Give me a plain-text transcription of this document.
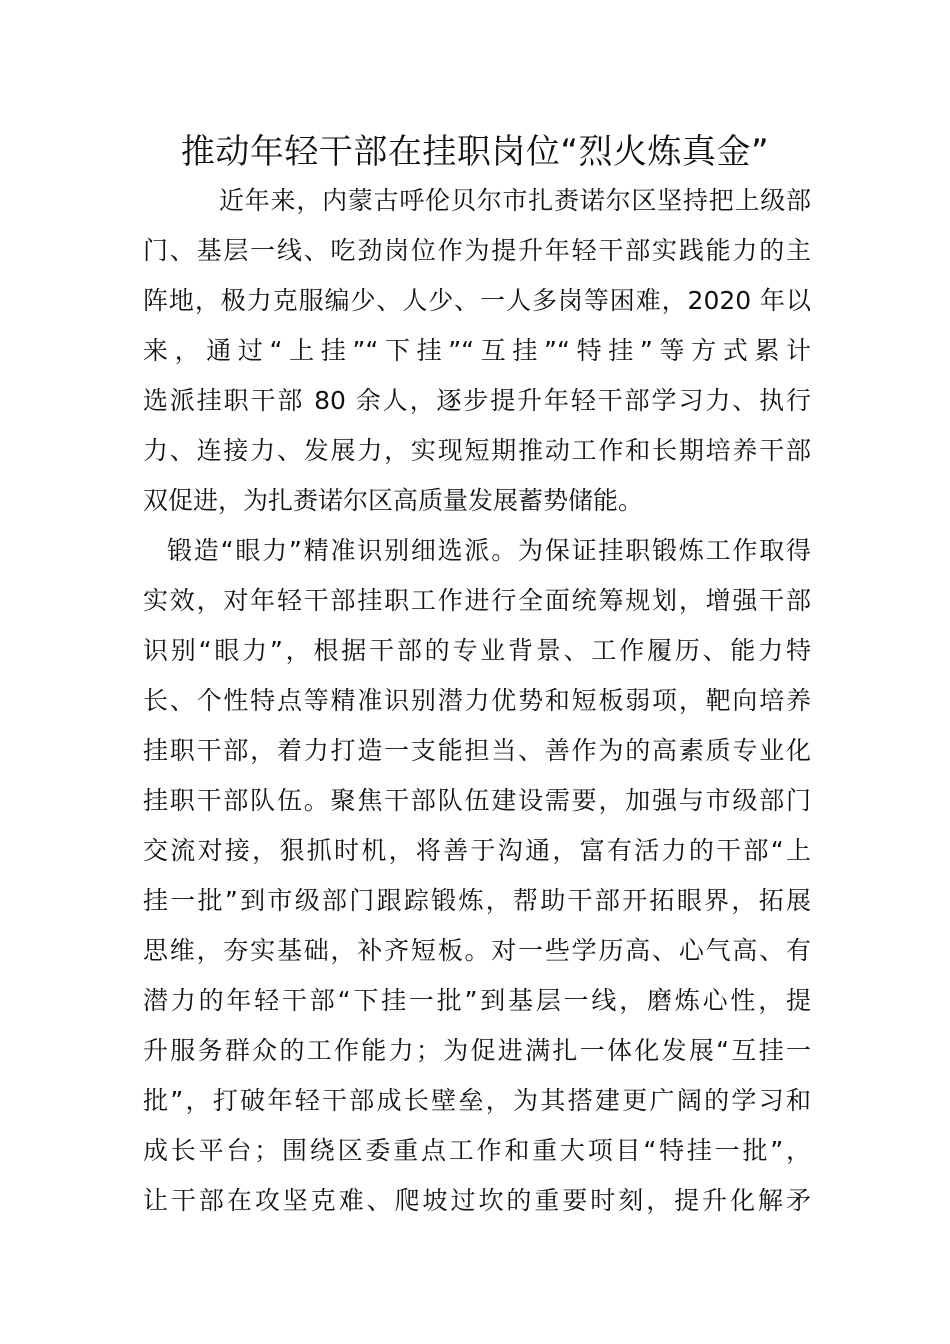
推动年轻干部在挂职岗位“烈火炼真金”
近年来，内蒙古呼伦贝尔市扎赉诺尔区坚持把上级部
门、基层一线、吃劲岗位作为提升年轻干部实践能力的主
阵地，极力克服编少、人少、一人多岗等困难，2020 年以
来，通过“上挂”“下挂”“互挂”“特挂”等方式累计
选派挂职干部 80 余人，逐步提升年轻干部学习力、执行
力、连接力、发展力，实现短期推动工作和长期培养干部
双促进，为扎赉诺尔区高质量发展蓄势储能。
锻造“眼力”精准识别细选派。为保证挂职锻炼工作取得
实效，对年轻干部挂职工作进行全面统筹规划，增强干部
识别“眼力”，根据干部的专业背景、工作履历、能力特
长、个性特点等精准识别潜力优势和短板弱项，靶向培养
挂职干部，着力打造一支能担当、善作为的高素质专业化
挂职干部队伍。聚焦干部队伍建设需要，加强与市级部门
交流对接，狠抓时机，将善于沟通，富有活力的干部“上
挂一批”到市级部门跟踪锻炼，帮助干部开拓眼界，拓展
思维，夯实基础，补齐短板。对一些学历高、心气高、有
潜力的年轻干部“下挂一批”到基层一线，磨炼心性，提
升服务群众的工作能力；为促进满扎一体化发展“互挂一
批”，打破年轻干部成长壁垒，为其搭建更广阔的学习和
成长平台；围绕区委重点工作和重大项目“特挂一批”，
让干部在攻坚克难、爬坡过坎的重要时刻，提升化解矛
